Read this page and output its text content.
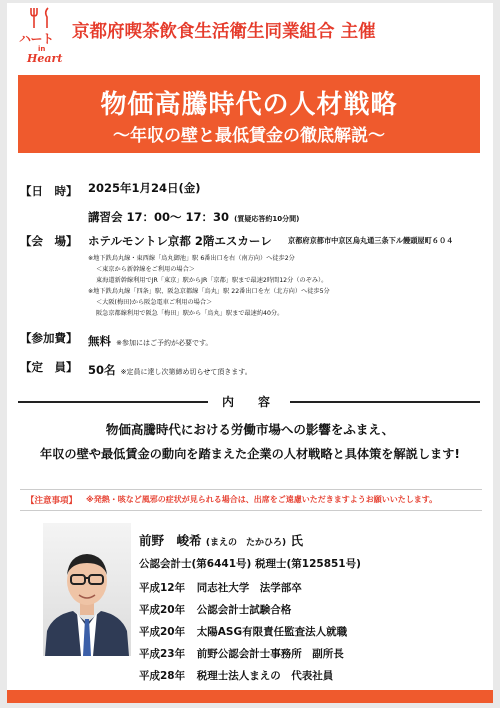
ハート
in
Heart
京都府喫茶飲食生活衛生同業組合 主催
物価高騰時代の人材戦略
〜年収の壁と最低賃金の徹底解説〜
【日　時】 2025年1月24日(金)
講習会 17：00〜 17：30 (質疑応答約10分間)
【会　場】 ホテルモントレ京都 2階エスカーレ 京都府京都市中京区烏丸通三条下ル饅頭屋町６０４
※地下鉄烏丸線・東西線「烏丸御池」駅 6番出口を右（南方向）へ徒歩2分
＜東京から新幹線をご利用の場合＞
東海道新幹線利用でJR「東京」駅からJR「京都」駅まで最速2時間12分（のぞみ）。
※地下鉄烏丸線「四条」駅、阪急京都線「烏丸」駅 22番出口を左（北方向）へ徒歩5分
＜大阪(梅田)から阪急電車ご利用の場合＞
阪急京都線利用で阪急「梅田」駅から「烏丸」駅まで最速約40分。
【参加費】 無料 ※参加にはご予約が必要です。
【定　員】 50名 ※定員に達し次第締め切らせて頂きます。
内　容
物価高騰時代における労働市場への影響をふまえ、
年収の壁や最低賃金の動向を踏まえた企業の人材戦略と具体策を解説します!
【注意事項】 ※発熱・咳など風邪の症状が見られる場合は、出席をご遠慮いただきますようお願いいたします。
前野　峻希 (まえの　たかひろ) 氏
公認会計士(第6441号) 税理士(第125851号)
平成12年 同志社大学　法学部卒
平成20年 公認会計士試験合格
平成20年 太陽ASG有限責任監査法人就職
平成23年 前野公認会計士事務所　副所長
平成28年 税理士法人まえの　代表社員
